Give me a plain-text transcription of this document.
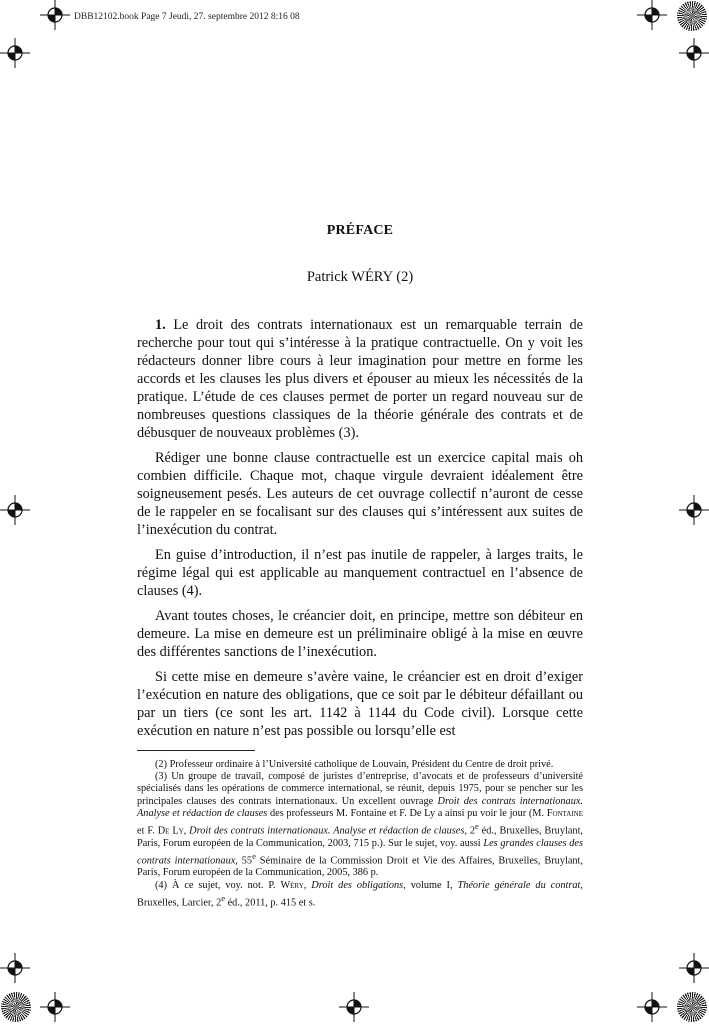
DBB12102.book Page 7 Jeudi, 27. septembre 2012 8:16 08
PRÉFACE
Patrick WÉRY (2)

1. Le droit des contrats internationaux est un remarquable terrain de recherche pour tout qui s’intéresse à la pratique contractuelle. On y voit les rédacteurs donner libre cours à leur imagination pour mettre en forme les accords et les clauses les plus divers et épouser au mieux les nécessités de la pratique. L’étude de ces clauses permet de porter un regard nouveau sur de nombreuses questions classiques de la théorie générale des contrats et de débusquer de nouveaux problèmes (3).

Rédiger une bonne clause contractuelle est un exercice capital mais oh combien difficile. Chaque mot, chaque virgule devraient idéalement être soigneusement pesés. Les auteurs de cet ouvrage collectif n’auront de cesse de le rappeler en se focalisant sur des clauses qui s’intéressent aux suites de l’inexécution du contrat.

En guise d’introduction, il n’est pas inutile de rappeler, à larges traits, le régime légal qui est applicable au manquement contractuel en l’absence de clauses (4).

Avant toutes choses, le créancier doit, en principe, mettre son débiteur en demeure. La mise en demeure est un préliminaire obligé à la mise en œuvre des différentes sanctions de l’inexécution.

Si cette mise en demeure s’avère vaine, le créancier est en droit d’exiger l’exécution en nature des obligations, que ce soit par le débiteur défaillant ou par un tiers (ce sont les art. 1142 à 1144 du Code civil). Lorsque cette exécution en nature n’est pas possible ou lorsqu’elle est

(2) Professeur ordinaire à l’Université catholique de Louvain, Président du Centre de droit privé.

(3) Un groupe de travail, composé de juristes d’entreprise, d’avocats et de professeurs d’université spécialisés dans les opérations de commerce international, se réunit, depuis 1975, pour se pencher sur les principales clauses des contrats internationaux. Un excellent ouvrage Droit des contrats internationaux. Analyse et rédaction de clauses des professeurs M. Fontaine et F. De Ly a ainsi pu voir le jour (M. Fontaine et F. De Ly, Droit des contrats internationaux. Analyse et rédaction de clauses, 2e éd., Bruxelles, Bruylant, Paris, Forum européen de la Communication, 2003, 715 p.). Sur le sujet, voy. aussi Les grandes clauses des contrats internationaux, 55e Séminaire de la Commission Droit et Vie des Affaires, Bruxelles, Bruylant, Paris, Forum européen de la Communication, 2005, 386 p.

(4) À ce sujet, voy. not. P. Wéry, Droit des obligations, volume I, Théorie générale du contrat, Bruxelles, Larcier, 2e éd., 2011, p. 415 et s.
